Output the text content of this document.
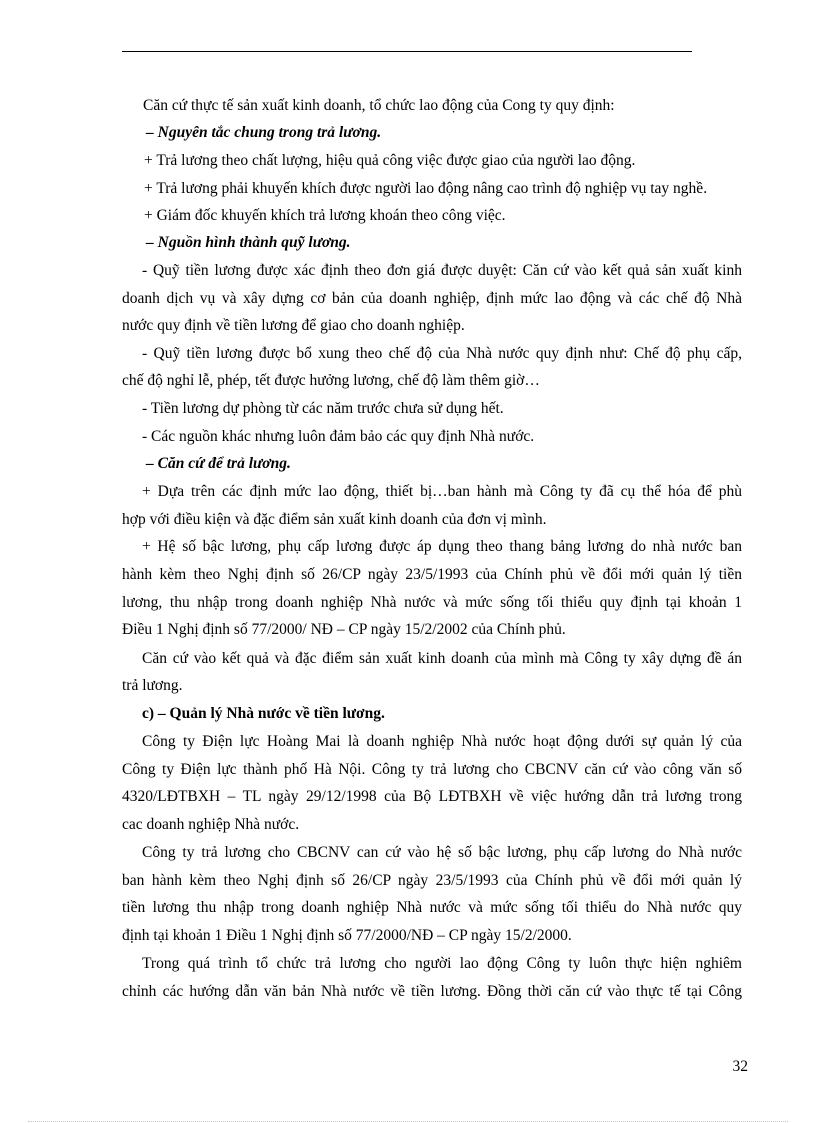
Căn cứ thực tế sản xuất kinh doanh, tổ chức lao động của Cong ty quy định:
– Nguyên tắc chung trong trả lương.
+ Trả lương theo chất lượng, hiệu quả công việc được giao của người lao động.
+ Trả lương phải khuyến khích được người lao động nâng cao trình độ nghiệp vụ tay nghề.
+ Giám đốc khuyến khích trả lương khoán theo công việc.
– Nguồn hình thành quỹ lương.
- Quỹ tiền lương được xác định theo đơn giá được duyệt: Căn cứ vào kết quả sản xuất kinh
doanh dịch vụ và xây dựng cơ bản của doanh nghiệp, định mức lao động và các chế độ Nhà
nước quy định về tiền lương để giao cho doanh nghiệp.
- Quỹ tiền lương được bổ xung theo chế độ của Nhà nước quy định như: Chế độ phụ cấp,
chế độ nghỉ lễ, phép, tết được hưởng lương, chế độ làm thêm giờ…
- Tiền lương dự phòng từ các năm trước chưa sử dụng hết.
- Các nguồn khác nhưng luôn đảm bảo các quy định Nhà nước.
– Căn cứ để trả lương.
+ Dựa trên các định mức lao động, thiết bị…ban hành mà Công ty đã cụ thể hóa để phù
hợp với điều kiện và đặc điểm sản xuất kinh doanh của đơn vị mình.
+ Hệ số bậc lương, phụ cấp lương được áp dụng theo thang bảng lương do nhà nước ban
hành kèm theo Nghị định số 26/CP ngày 23/5/1993 của Chính phủ về đổi mới quản lý tiền
lương, thu nhập trong doanh nghiệp Nhà nước và mức sống tối thiểu quy định tại khoản 1
Điều 1 Nghị định số 77/2000/ NĐ – CP ngày 15/2/2002 của Chính phủ.
Căn cứ vào kết quả và đặc điểm sản xuất kinh doanh của mình mà Công ty xây dựng đề án
trả lương.
c) – Quản lý Nhà nước về tiền lương.
Công ty Điện lực Hoàng Mai là doanh nghiệp Nhà nước hoạt động dưới sự quản lý của
Công ty Điện lực thành phố Hà Nội. Công ty trả lương cho CBCNV căn cứ vào công văn số
4320/LĐTBXH – TL ngày 29/12/1998 của Bộ LĐTBXH về việc hướng dẫn trả lương trong
cac doanh nghiệp Nhà nước.
Công ty trả lương cho CBCNV can cứ vào hệ số bậc lương, phụ cấp lương do Nhà nước
ban hành kèm theo Nghị định số 26/CP ngày 23/5/1993 của Chính phủ về đổi mới quản lý
tiền lương thu nhập trong doanh nghiệp Nhà nước và mức sống tối thiểu do Nhà nước quy
định tại khoản 1 Điều 1 Nghị định số 77/2000/NĐ – CP ngày 15/2/2000.
Trong quá trình tổ chức trả lương cho người lao động Công ty luôn thực hiện nghiêm
chỉnh các hướng dẫn văn bản Nhà nước về tiền lương. Đồng thời căn cứ vào thực tế tại Công
32
